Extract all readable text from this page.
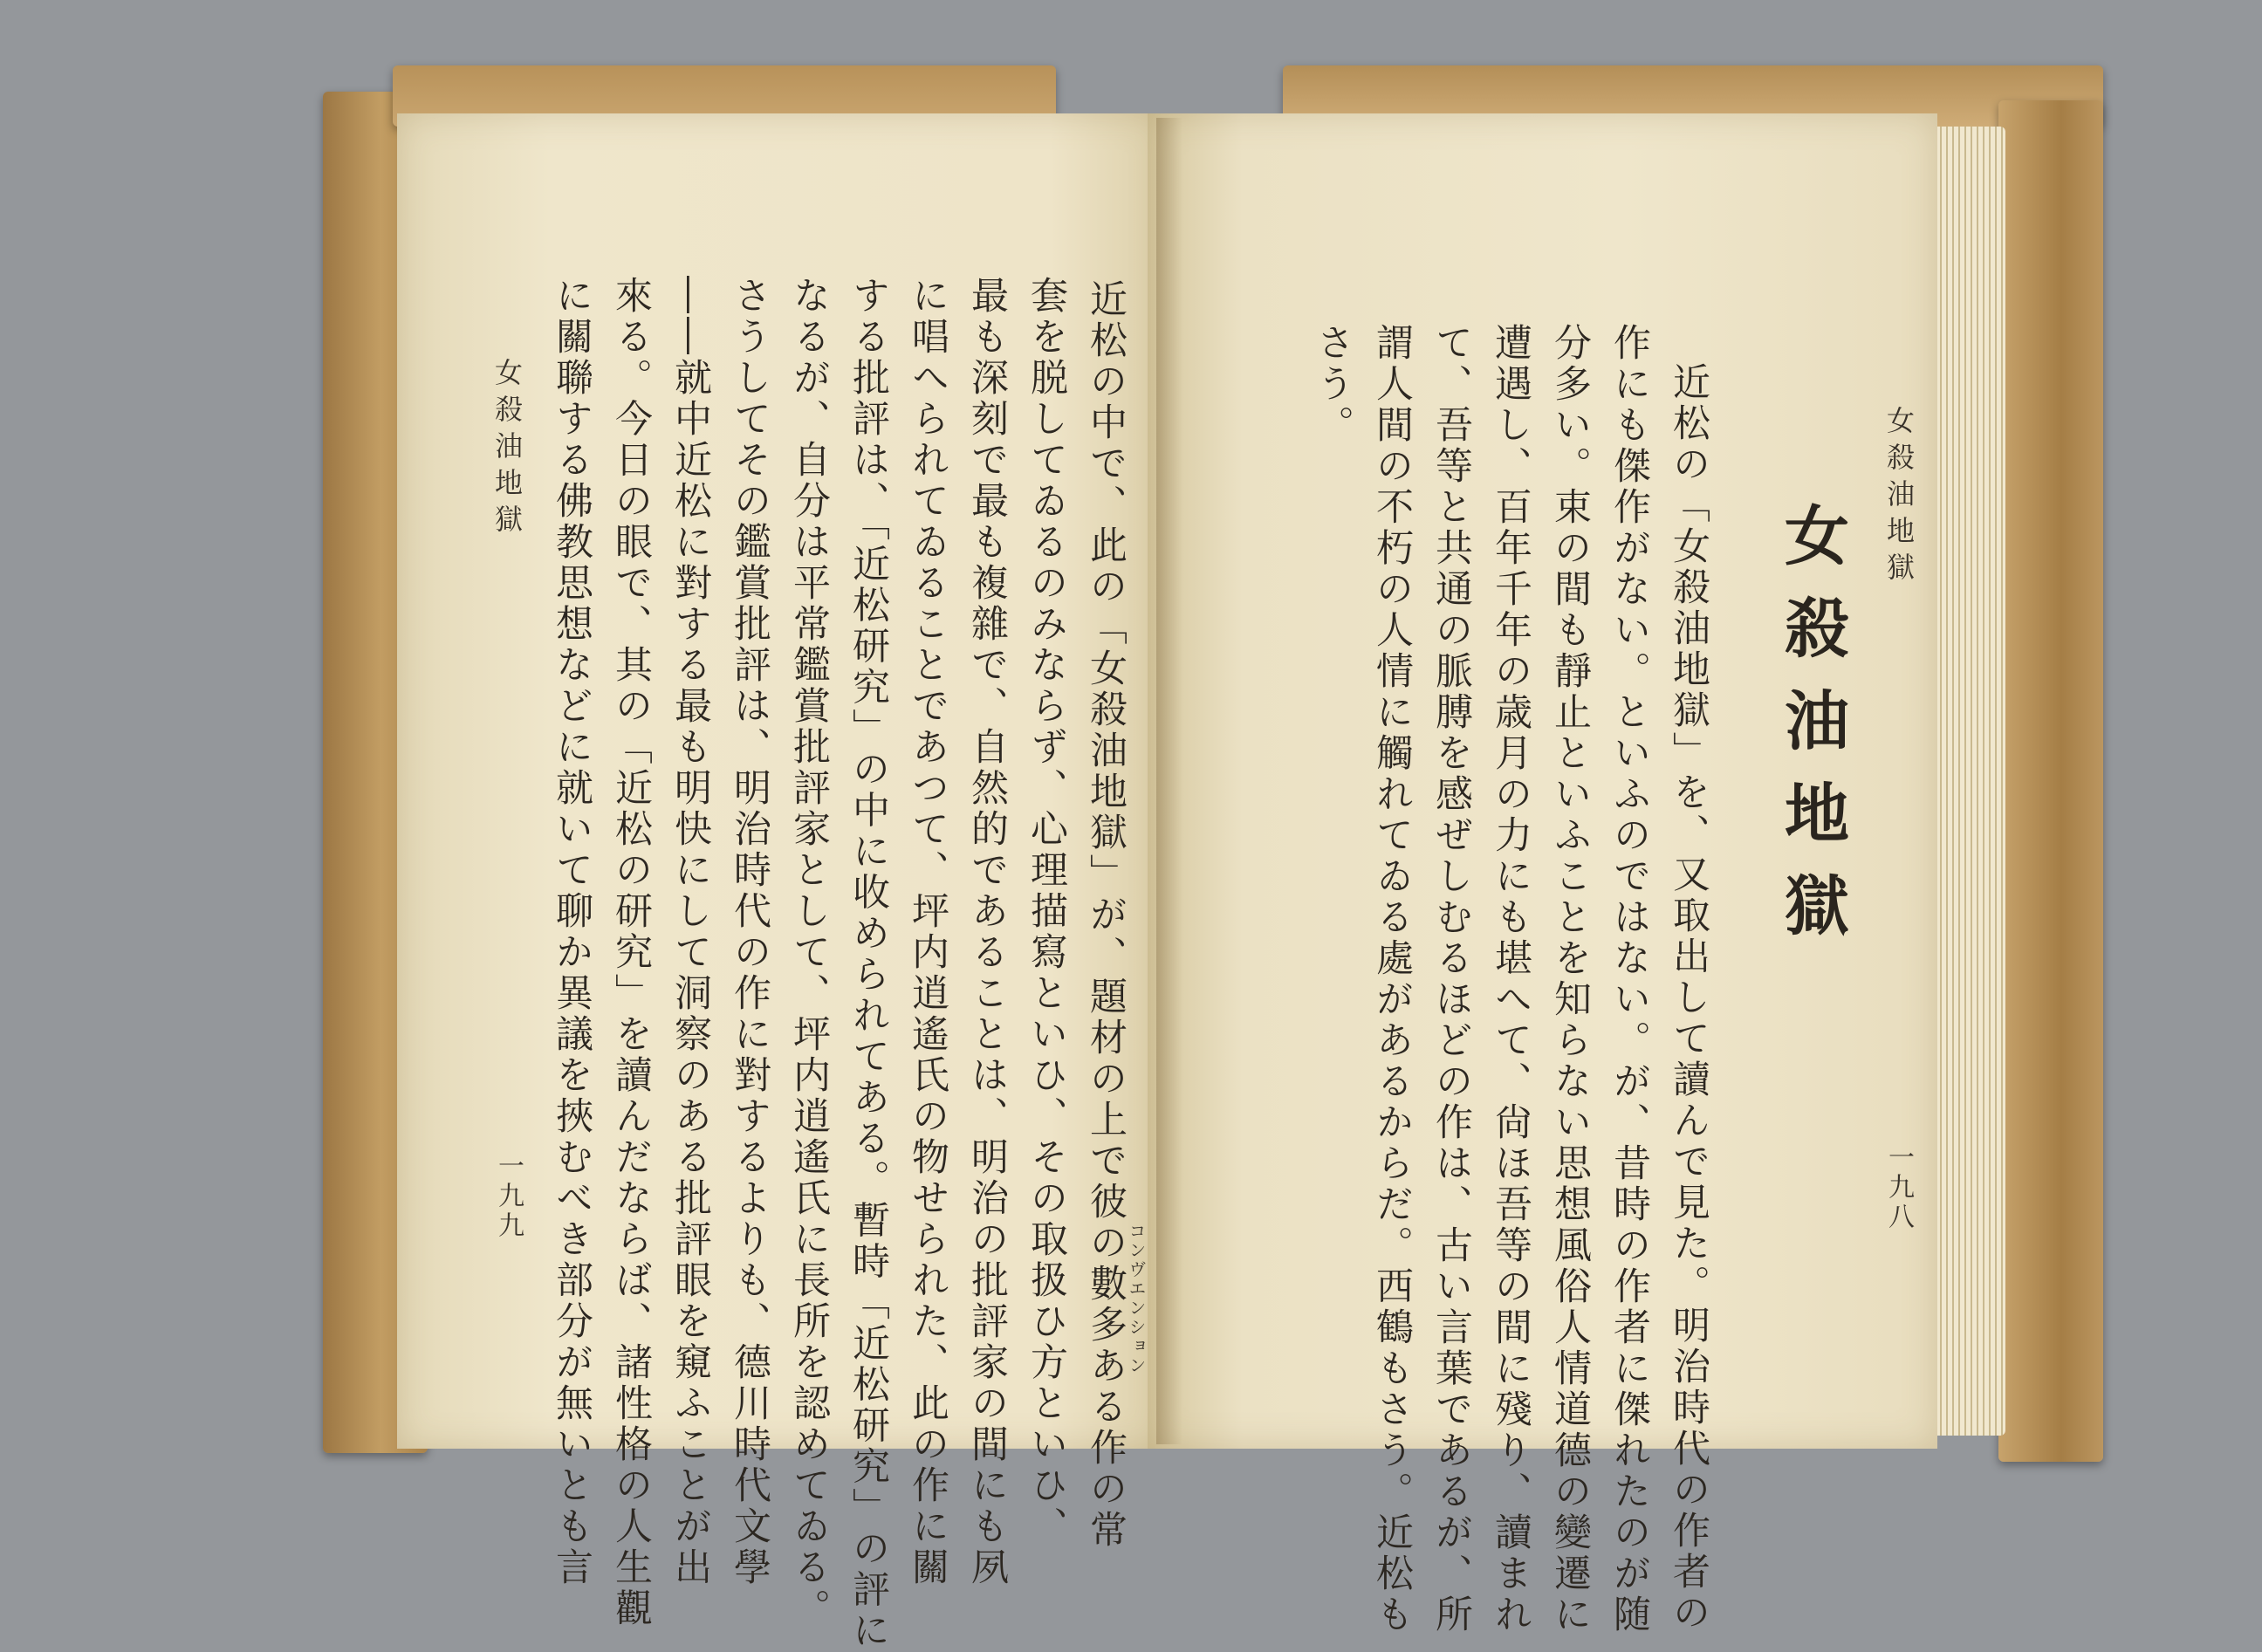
コンヴエンション
近松の中で、此の「女殺油地獄」が、題材の上で彼の數多ある作の常
套を脱してゐるのみならず、心理描寫といひ、その取扱ひ方といひ、
最も深刻で最も複雜で、自然的であることは、明治の批評家の間にも夙
に唱へられてゐることであつて、坪内逍遙氏の物せられた、此の作に關
する批評は、「近松研究」の中に收められてある。暫時「近松研究」の評に
なるが、自分は平常鑑賞批評家として、坪内逍遙氏に長所を認めてゐる。
さうしてその鑑賞批評は、明治時代の作に對するよりも、德川時代文學
――就中近松に對する最も明快にして洞察のある批評眼を窺ふことが出
來る。今日の眼で、其の「近松の研究」を讀んだならば、諸性格の人生觀
に關聯する佛教思想などに就いて聊か異議を挾むべき部分が無いとも言
女殺油地獄
一九九
女殺油地獄
女殺油地獄
近松の「女殺油地獄」を、又取出して讀んで見た。明治時代の作者の
作にも傑作がない。といふのではない。が、昔時の作者に傑れたのが随
分多い。束の間も靜止といふことを知らない思想風俗人情道德の變遷に
遭遇し、百年千年の歳月の力にも堪へて、尙ほ吾等の間に殘り、讀まれ
て、吾等と共通の脈膊を感ぜしむるほどの作は、古い言葉であるが、所
謂人間の不朽の人情に觸れてゐる處があるからだ。西鶴もさう。近松も
さう。
一九八
